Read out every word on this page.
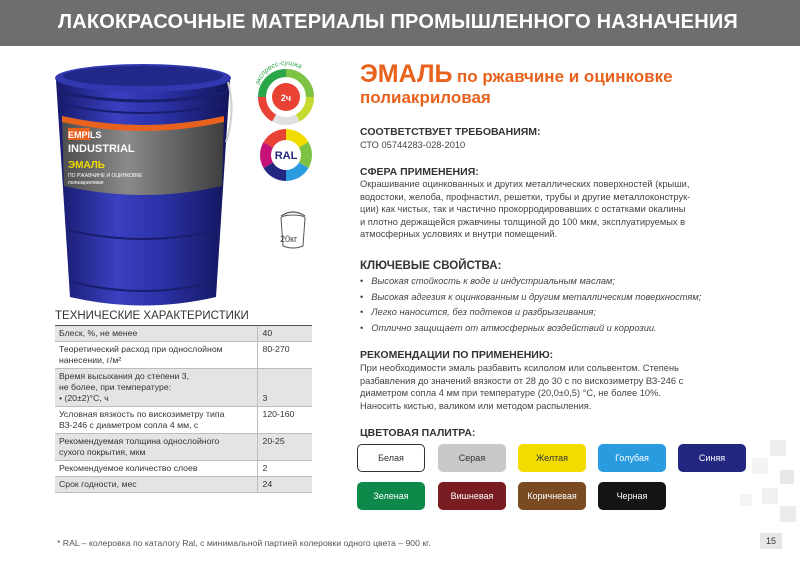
ЛАКОКРАСОЧНЫЕ МАТЕРИАЛЫ ПРОМЫШЛЕННОГО НАЗНАЧЕНИЯ
EMPILS
INDUSTRIAL
ЭМАЛЬ
ПО РЖАВЧИНЕ И ОЦИНКОВКЕ
полиакриловая
2ч
экспресс-сушка
RAL
20кг
ЭМАЛЬ по ржавчине и оцинковке
полиакриловая
СООТВЕТСТВУЕТ ТРЕБОВАНИЯМ:
СТО 05744283-028-2010
СФЕРА ПРИМЕНЕНИЯ:
Окрашивание оцинкованных и других металлических поверхностей (крыши,
водостоки, желоба, профнастил, решетки, трубы и другие металлоконструк-
ции) как чистых, так и частично прокорродировавших с остатками окалины
и плотно держащейся ржавчины толщиной до 100 мкм, эксплуатируемых в
атмосферных условиях и внутри помещений.
КЛЮЧЕВЫЕ СВОЙСТВА:
• Высокая стойкость к воде и индустриальным маслам;
• Высокая адгезия к оцинкованным и другим металлическим поверхностям;
• Легко наносится, без подтеков и разбрызгивания;
• Отлично защищает от атмосферных воздействий и коррозии.
РЕКОМЕНДАЦИИ ПО ПРИМЕНЕНИЮ:
При необходимости эмаль разбавить ксилолом или сольвентом. Степень
разбавления до значений вязкости от 28 до 30 с по вискозиметру ВЗ-246 с
диаметром сопла 4 мм при температуре (20,0±0,5) °С, не более 10%.
Наносить кистью, валиком или методом распыления.
ЦВЕТОВАЯ ПАЛИТРА:
Белая	Серая	Желтая	Голубая	Синяя
Зеленая	Вишневая	Коричневая	Черная
ТЕХНИЧЕСКИЕ ХАРАКТЕРИСТИКИ
Блеск, %, не менее	40

Теоретический расход при однослойном
нанесении, г/м²	80-270

Время высыхания до степени 3,
не более, при температуре:
• (20±2)°С, ч	3

Условная вязкость по вискозиметру типа
ВЗ-246 с диаметром сопла 4 мм, с	120-160

Рекомендуемая толщина однослойного
сухого покрытия, мкм	20-25

Рекомендуемое количество слоев	2

Срок годности, мес	24
* RAL – колеровка по каталогу Ral, с минимальной партией колеровки одного цвета – 900 кг.	15
